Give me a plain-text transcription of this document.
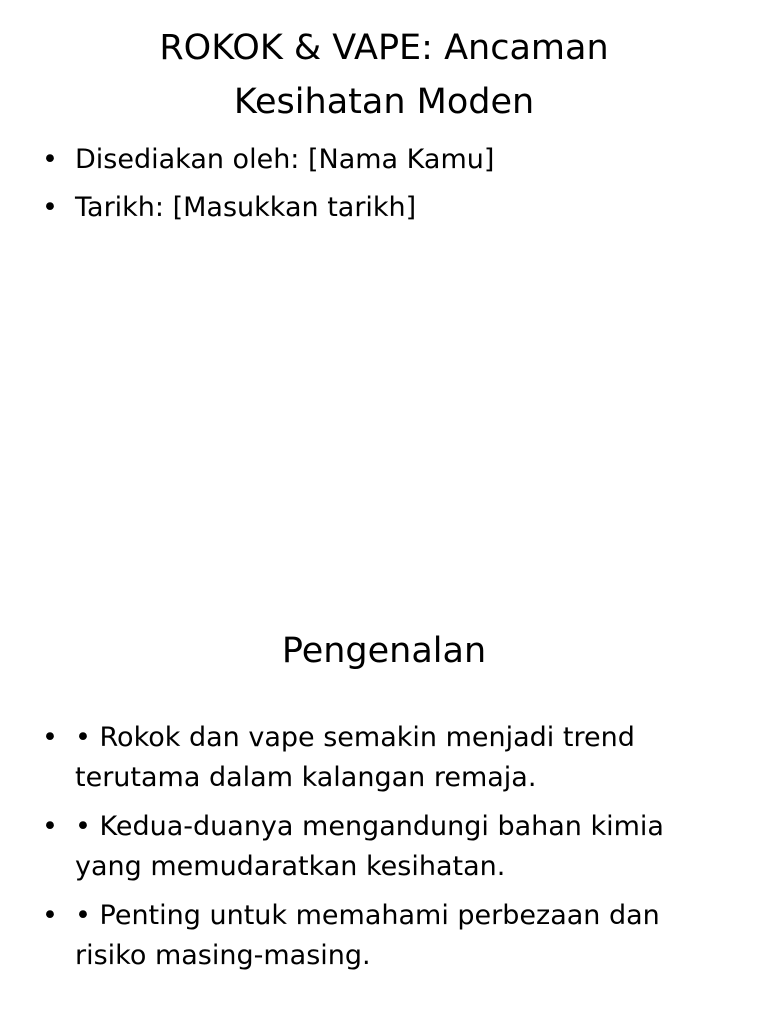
ROKOK & VAPE: Ancaman
Kesihatan Moden
• Disediakan oleh: [Nama Kamu]
• Tarikh: [Masukkan tarikh]
Pengenalan
• • Rokok dan vape semakin menjadi trend terutama dalam kalangan remaja.
• • Kedua-duanya mengandungi bahan kimia yang memudaratkan kesihatan.
• • Penting untuk memahami perbezaan dan risiko masing-masing.
